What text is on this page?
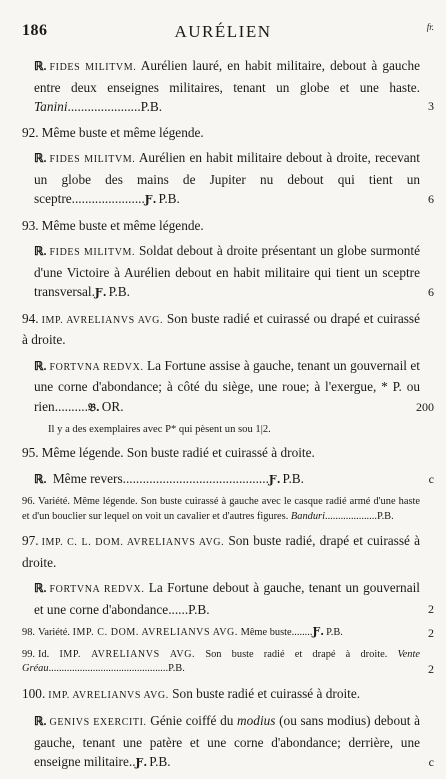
186	AURÉLIEN	fr.
ℝ. FIDES MILITVM. Aurélien lauré, en habit militaire, debout à gauche entre deux enseignes militaires, tenant un globe et une haste. Tanini......................P.B.	3
92. Même buste et même légende.
ℝ. FIDES MILITVM. Aurélien en habit militaire debout à droite, recevant un globe des mains de Jupiter nu debout qui tient un sceptre......................Ƒ. P.B.	6
93. Même buste et même légende.
ℝ. FIDES MILITVM. Soldat debout à droite présentant un globe surmonté d'une Victoire à Aurélien debout en habit militaire qui tient un sceptre transversal.Ƒ. P.B.	6
94. IMP. AVRELIANVS AVG. Son buste radié et cuirassé ou drapé et cuirassé à droite.
ℝ. FORTVNA REDVX. La Fortune assise à gauche, tenant un gouvernail et une corne d'abondance; à côté du siège, une roue; à l'exergue, * P. ou rien..........𝔅. OR.	200
Il y a des exemplaires avec P* qui pèsent un sou 1|2.
95. Même légende. Son buste radié et cuirassé à droite.
ℝ. Même revers............................................Ƒ. P.B.	c
96. Variété. Même légende. Son buste cuirassé à gauche avec le casque radié armé d'une haste et d'un bouclier sur lequel on voit un cavalier et d'autres figures. Banduri....................P.B.
97. IMP. C. L. DOM. AVRELIANVS AVG. Son buste radié, drapé et cuirassé à droite.
ℝ. FORTVNA REDVX. La Fortune debout à gauche, tenant un gouvernail et une corne d'abondance......P.B.	2
98. Variété. IMP. C. DOM. AVRELIANVS AVG. Même buste........Ƒ. P.B.	2
99. Id. IMP. AVRELIANVS AVG. Son buste radié et drapé à droite. Vente Gréau..............................................P.B.	2
100. IMP. AVRELIANVS AVG. Son buste radié et cuirassé à droite.
ℝ. GENIVS EXERCITI. Génie coiffé du modius (ou sans modius) debout à gauche, tenant une patère et une corne d'abondance; derrière, une enseigne militaire..Ƒ. P.B.	c
